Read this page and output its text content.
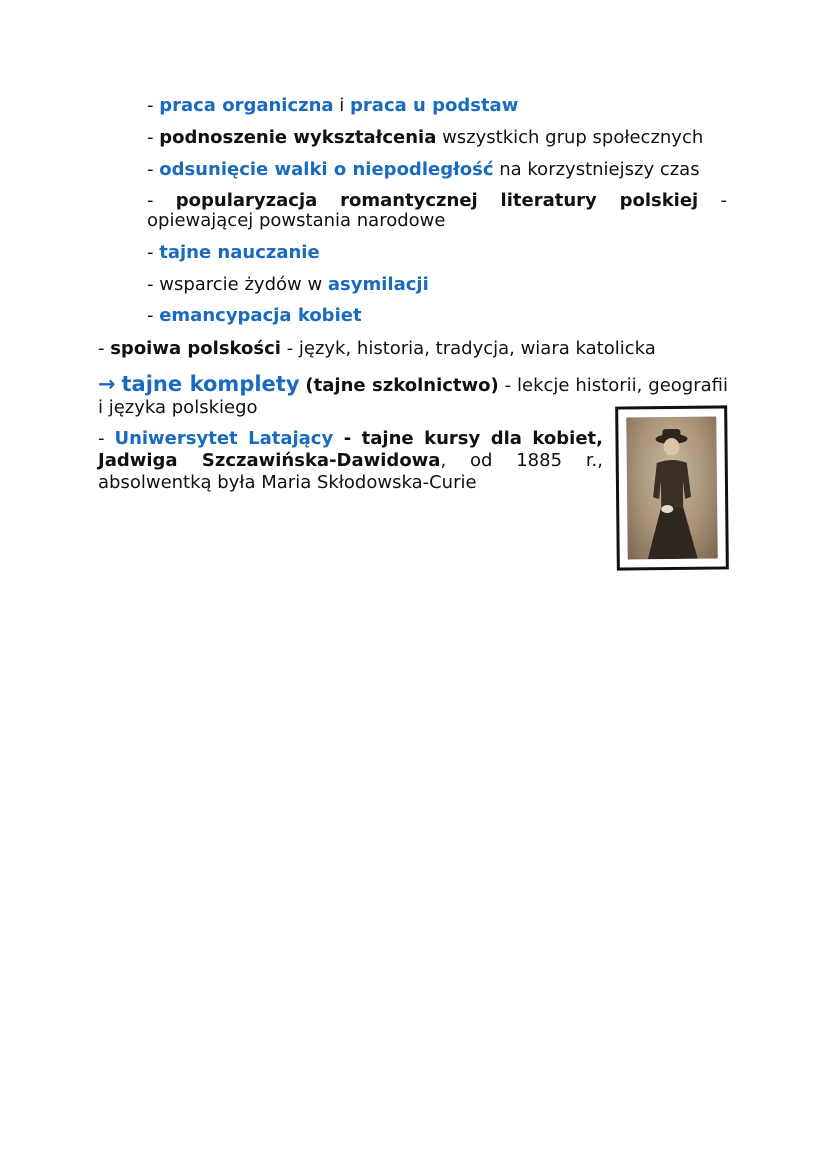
- praca organiczna i praca u podstaw
- podnoszenie wykształcenia wszystkich grup społecznych
- odsunięcie walki o niepodległość na korzystniejszy czas
- popularyzacja romantycznej literatury polskiej - opiewającej powstania narodowe
- tajne nauczanie
- wsparcie żydów w asymilacji
- emancypacja kobiet
- spoiwa polskości - język, historia, tradycja, wiara katolicka
→ tajne komplety (tajne szkolnictwo) - lekcje historii, geografii i języka polskiego
- Uniwersytet Latający - tajne kursy dla kobiet, Jadwiga Szczawińska-Dawidowa, od 1885 r., absolwentką była Maria Skłodowska-Curie
